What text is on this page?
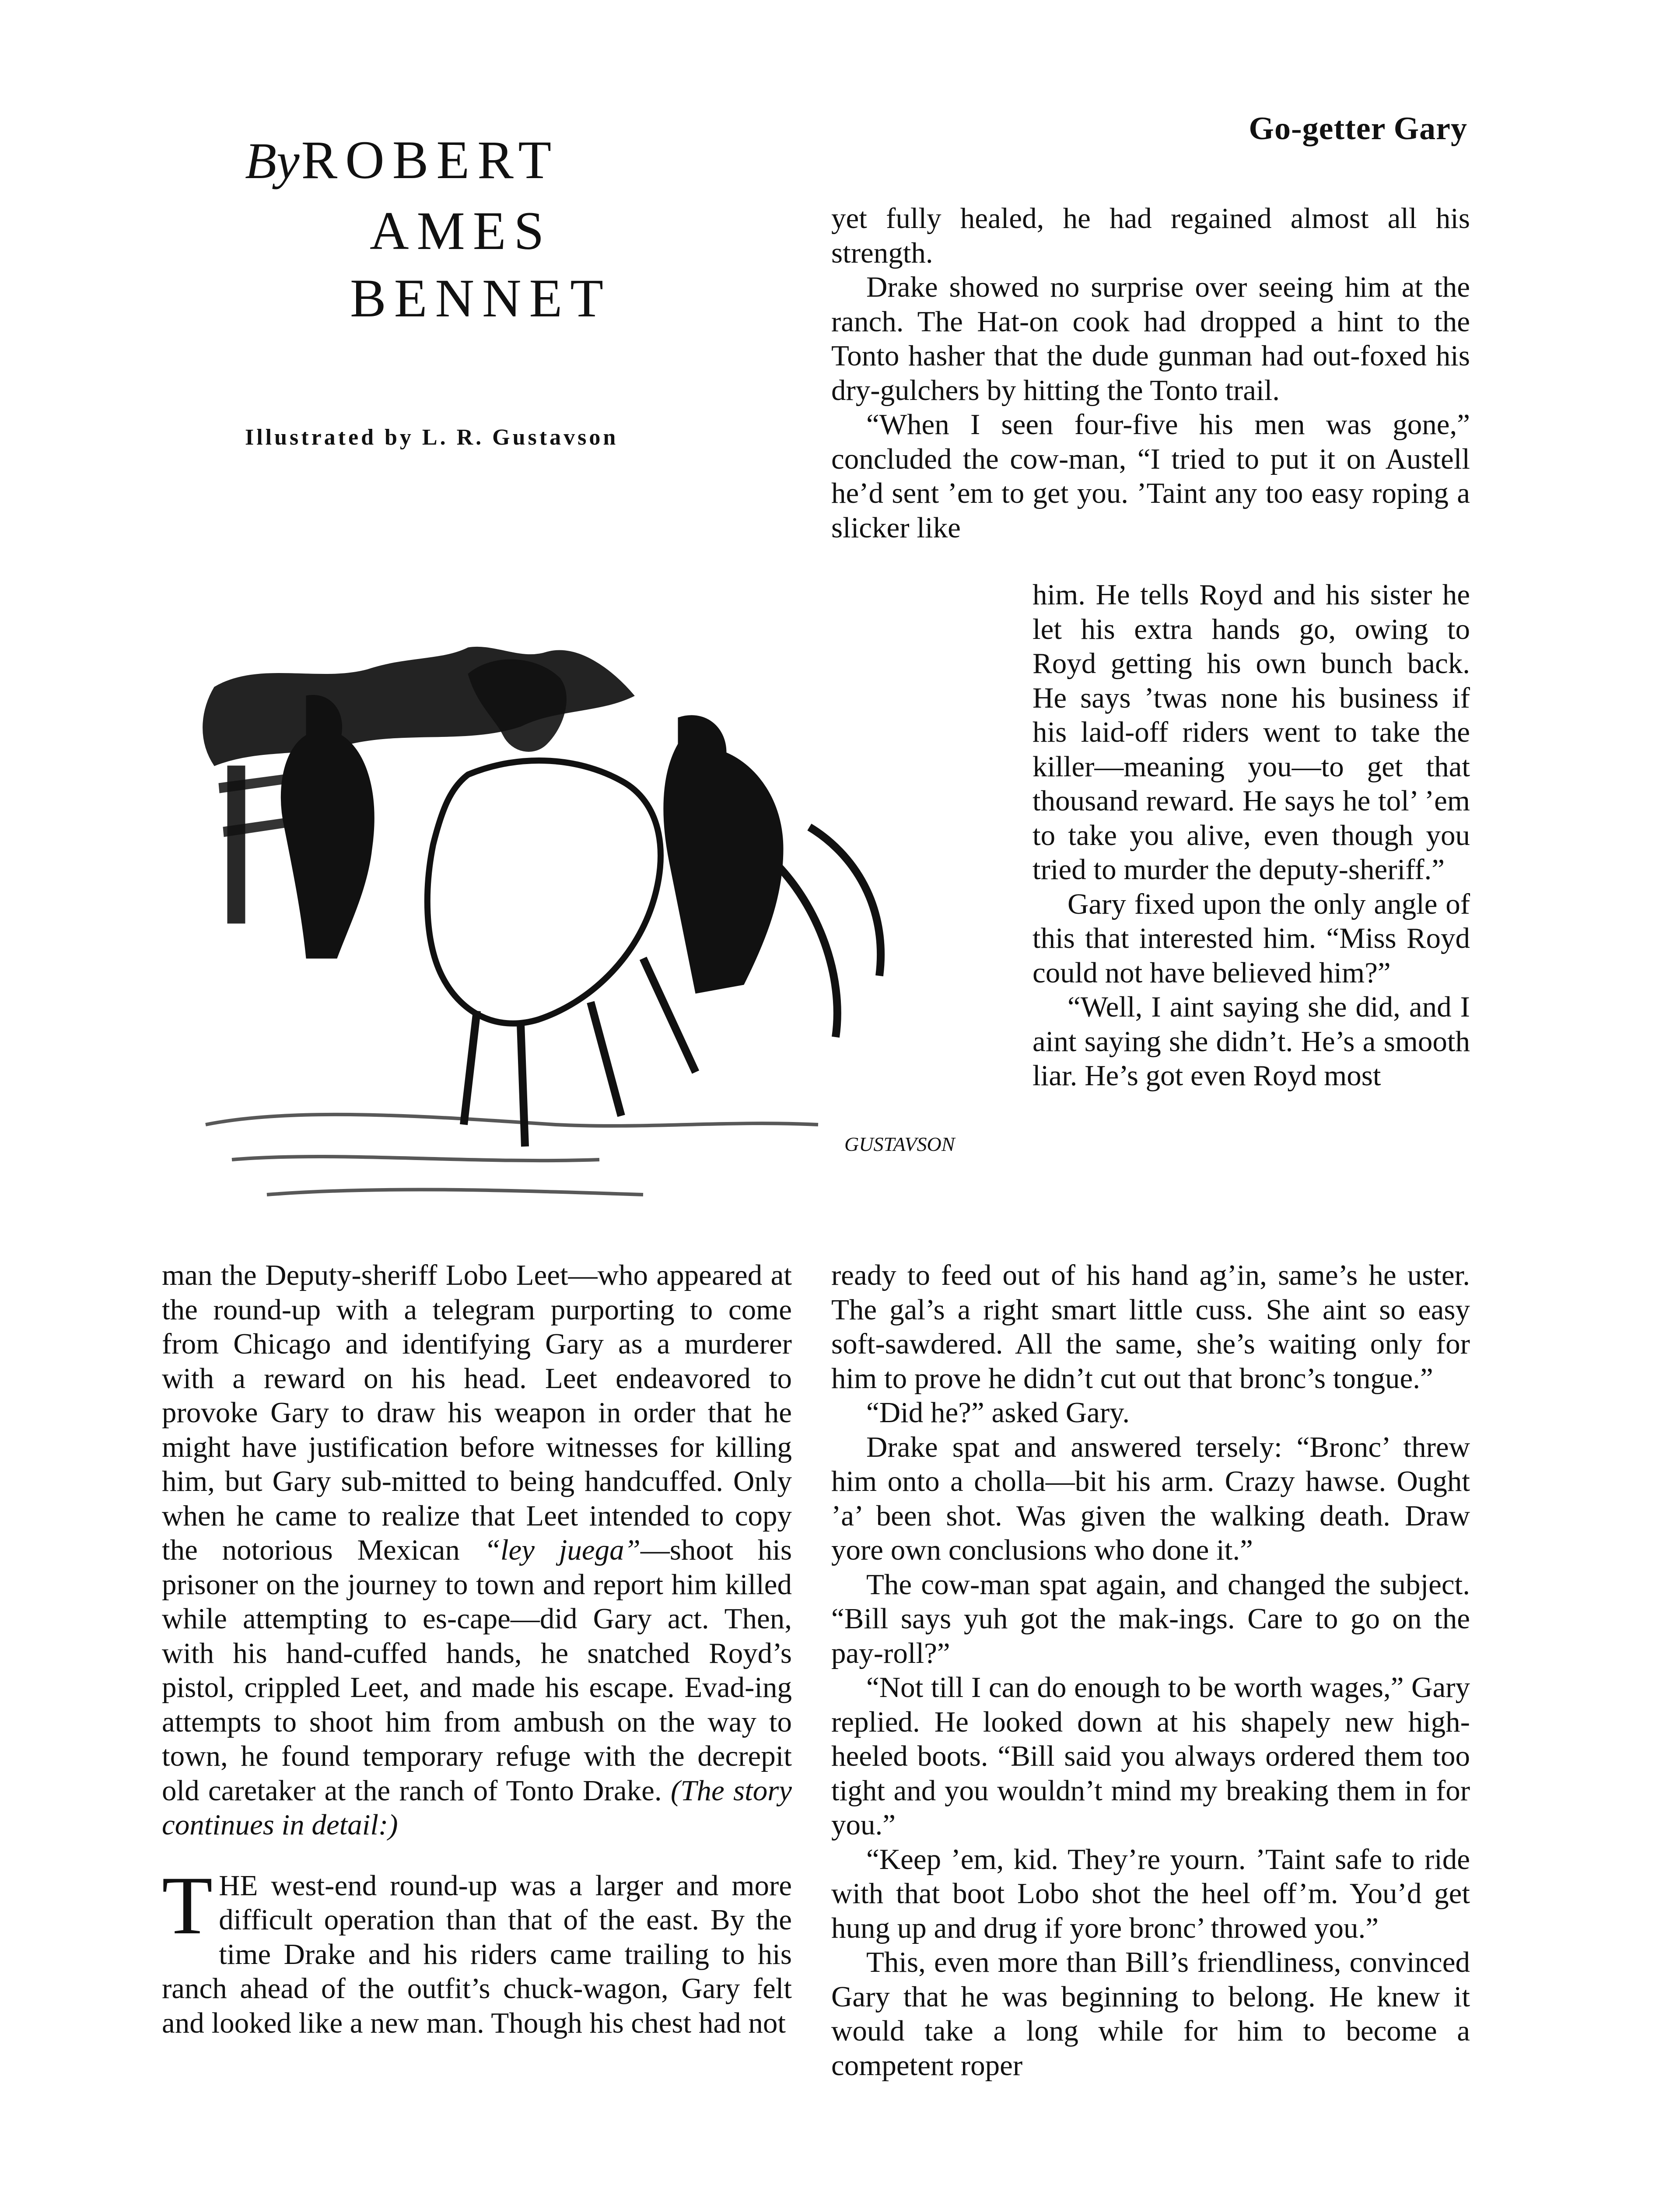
Go-getter Gary
By ROBERT
AMES
BENNET
Illustrated by L. R. Gustavson

yet fully healed, he had regained almost all his strength.

Drake showed no surprise over seeing him at the ranch. The Hat-on cook had dropped a hint to the Tonto hasher that the dude gunman had out-foxed his dry-gulchers by hitting the Tonto trail.

“When I seen four-five his men was gone,” concluded the cow-man, “I tried to put it on Austell he’d sent ’em to get you. ’Taint any too easy roping a slicker like

him. He tells Royd and his sister he let his extra hands go, owing to Royd getting his own bunch back. He says ’twas none his business if his laid-off riders went to take the killer—meaning you—to get that thousand reward. He says he tol’ ’em to take you alive, even though you tried to murder the deputy-sheriff.”

Gary fixed upon the only angle of this that interested him. “Miss Royd could not have believed him?”

“Well, I aint saying she did, and I aint saying she didn’t. He’s a smooth liar. He’s got even Royd most

GUSTAVSON

man the Deputy-sheriff Lobo Leet—who appeared at the round-up with a telegram purporting to come from Chicago and identifying Gary as a murderer with a reward on his head. Leet endeavored to provoke Gary to draw his weapon in order that he might have justification before witnesses for killing him, but Gary sub-mitted to being handcuffed. Only when he came to realize that Leet intended to copy the notorious Mexican “ley juega”—shoot his prisoner on the journey to town and report him killed while attempting to es-cape—did Gary act. Then, with his hand-cuffed hands, he snatched Royd’s pistol, crippled Leet, and made his escape. Evad-ing attempts to shoot him from ambush on the way to town, he found temporary refuge with the decrepit old caretaker at the ranch of Tonto Drake. (The story continues in detail:)

THE west-end round-up was a larger and more difficult operation than that of the east. By the time Drake and his riders came trailing to his ranch ahead of the outfit’s chuck-wagon, Gary felt and looked like a new man. Though his chest had not

ready to feed out of his hand ag’in, same’s he uster. The gal’s a right smart little cuss. She aint so easy soft-sawdered. All the same, she’s waiting only for him to prove he didn’t cut out that bronc’s tongue.”

“Did he?” asked Gary.

Drake spat and answered tersely: “Bronc’ threw him onto a cholla—bit his arm. Crazy hawse. Ought ’a’ been shot. Was given the walking death. Draw yore own conclusions who done it.”

The cow-man spat again, and changed the subject. “Bill says yuh got the mak-ings. Care to go on the pay-roll?”

“Not till I can do enough to be worth wages,” Gary replied. He looked down at his shapely new high-heeled boots. “Bill said you always ordered them too tight and you wouldn’t mind my breaking them in for you.”

“Keep ’em, kid. They’re yourn. ’Taint safe to ride with that boot Lobo shot the heel off’m. You’d get hung up and drug if yore bronc’ throwed you.”

This, even more than Bill’s friendliness, convinced Gary that he was beginning to belong. He knew it would take a long while for him to become a competent roper
